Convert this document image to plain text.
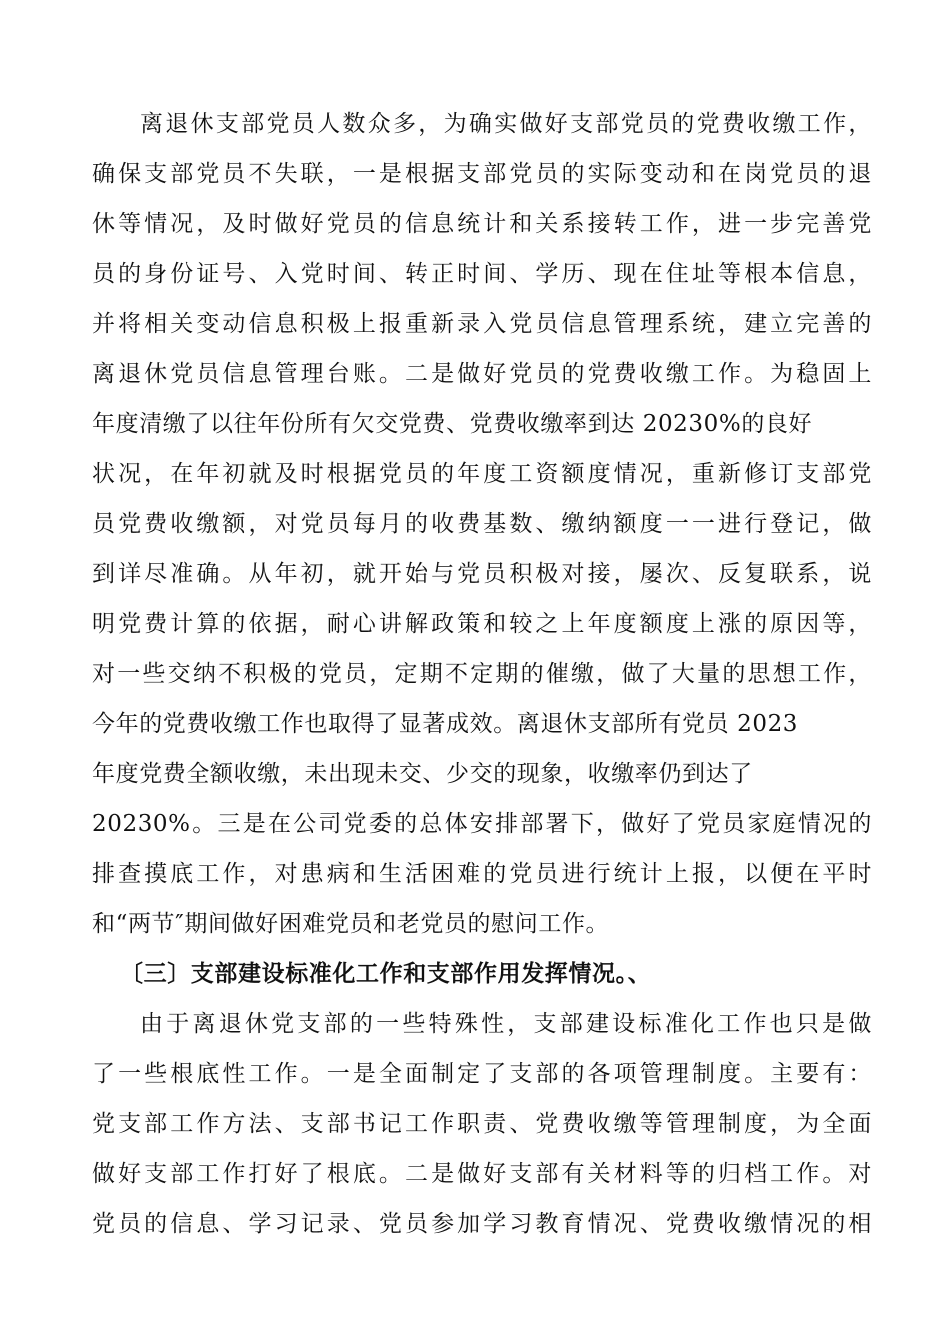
离退休支部党员人数众多，为确实做好支部党员的党费收缴工作，
确保支部党员不失联，一是根据支部党员的实际变动和在岗党员的退
休等情况，及时做好党员的信息统计和关系接转工作，进一步完善党
员的身份证号、入党时间、转正时间、学历、现在住址等根本信息，
并将相关变动信息积极上报重新录入党员信息管理系统，建立完善的
离退休党员信息管理台账。二是做好党员的党费收缴工作。为稳固上
年度清缴了以往年份所有欠交党费、党费收缴率到达 20230%的良好
状况，在年初就及时根据党员的年度工资额度情况，重新修订支部党
员党费收缴额，对党员每月的收费基数、缴纳额度一一进行登记，做
到详尽准确。从年初，就开始与党员积极对接，屡次、反复联系，说
明党费计算的依据，耐心讲解政策和较之上年度额度上涨的原因等，
对一些交纳不积极的党员，定期不定期的催缴，做了大量的思想工作，
今年的党费收缴工作也取得了显著成效。离退休支部所有党员 2023
年度党费全额收缴，未出现未交、少交的现象，收缴率仍到达了
20230%。三是在公司党委的总体安排部署下，做好了党员家庭情况的
排查摸底工作，对患病和生活困难的党员进行统计上报，以便在平时
和“两节″期间做好困难党员和老党员的慰问工作。
〔三〕支部建设标准化工作和支部作用发挥情况。、
由于离退休党支部的一些特殊性，支部建设标准化工作也只是做
了一些根底性工作。一是全面制定了支部的各项管理制度。主要有：
党支部工作方法、支部书记工作职责、党费收缴等管理制度，为全面
做好支部工作打好了根底。二是做好支部有关材料等的归档工作。对
党员的信息、学习记录、党员参加学习教育情况、党费收缴情况的相
